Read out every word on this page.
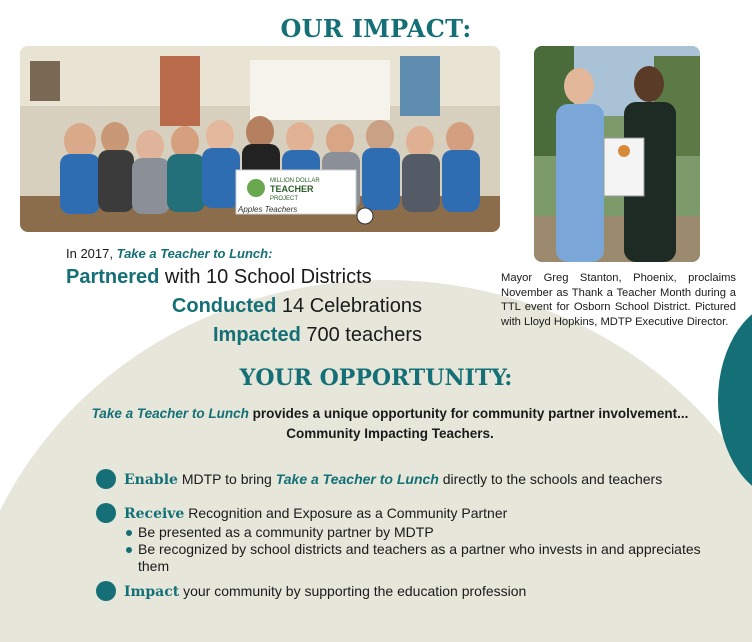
OUR IMPACT:
MILLION DOLLAR
TEACHER
PROJECT
Apples Teachers
In 2017, Take a Teacher to Lunch:
Partnered with 10 School Districts
Conducted 14 Celebrations
Impacted 700 teachers
Mayor Greg Stanton, Phoenix, proclaims November as Thank a Teacher Month during a TTL event for Osborn School District. Pictured with Lloyd Hopkins, MDTP Executive Director.
YOUR OPPORTUNITY:
Take a Teacher to Lunch provides a unique opportunity for community partner involvement...
Community Impacting Teachers.
Enable MDTP to bring Take a Teacher to Lunch directly to the schools and teachers
Receive Recognition and Exposure as a Community Partner
Be presented as a community partner by MDTP
Be recognized by school districts and teachers as a partner who invests in and appreciates them
Impact your community by supporting the education profession
